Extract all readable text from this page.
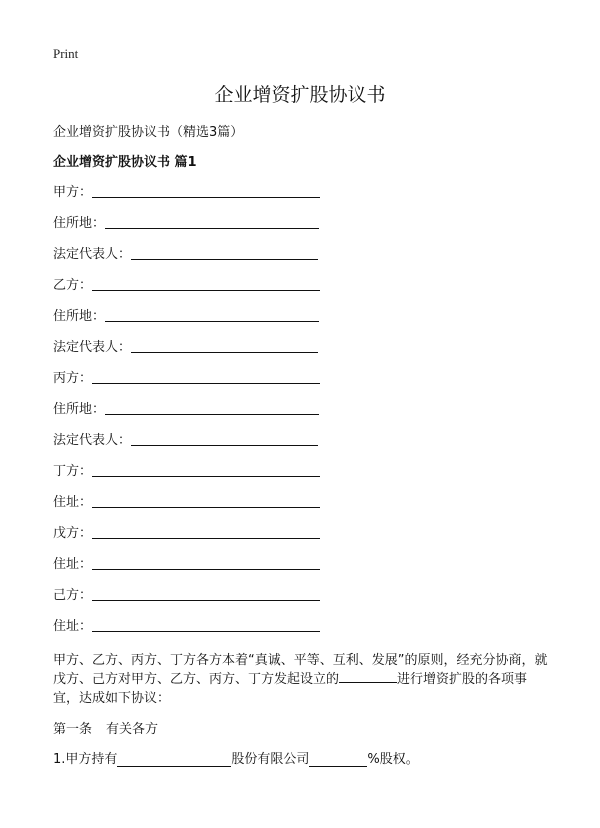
Print
企业增资扩股协议书

企业增资扩股协议书（精选3篇）

企业增资扩股协议书 篇1

甲方：
住所地：
法定代表人：
乙方：
住所地：
法定代表人：
丙方：
住所地：
法定代表人：
丁方：
住址：
戊方：
住址：
己方：
住址：

甲方、乙方、丙方、丁方各方本着“真诚、平等、互利、发展”的原则，经充分协商，就戊方、己方对甲方、乙方、丙方、丁方发起设立的	进行增资扩股的各项事宜，达成如下协议：

第一条 有关各方
1.甲方持有	股份有限公司	%股权。
